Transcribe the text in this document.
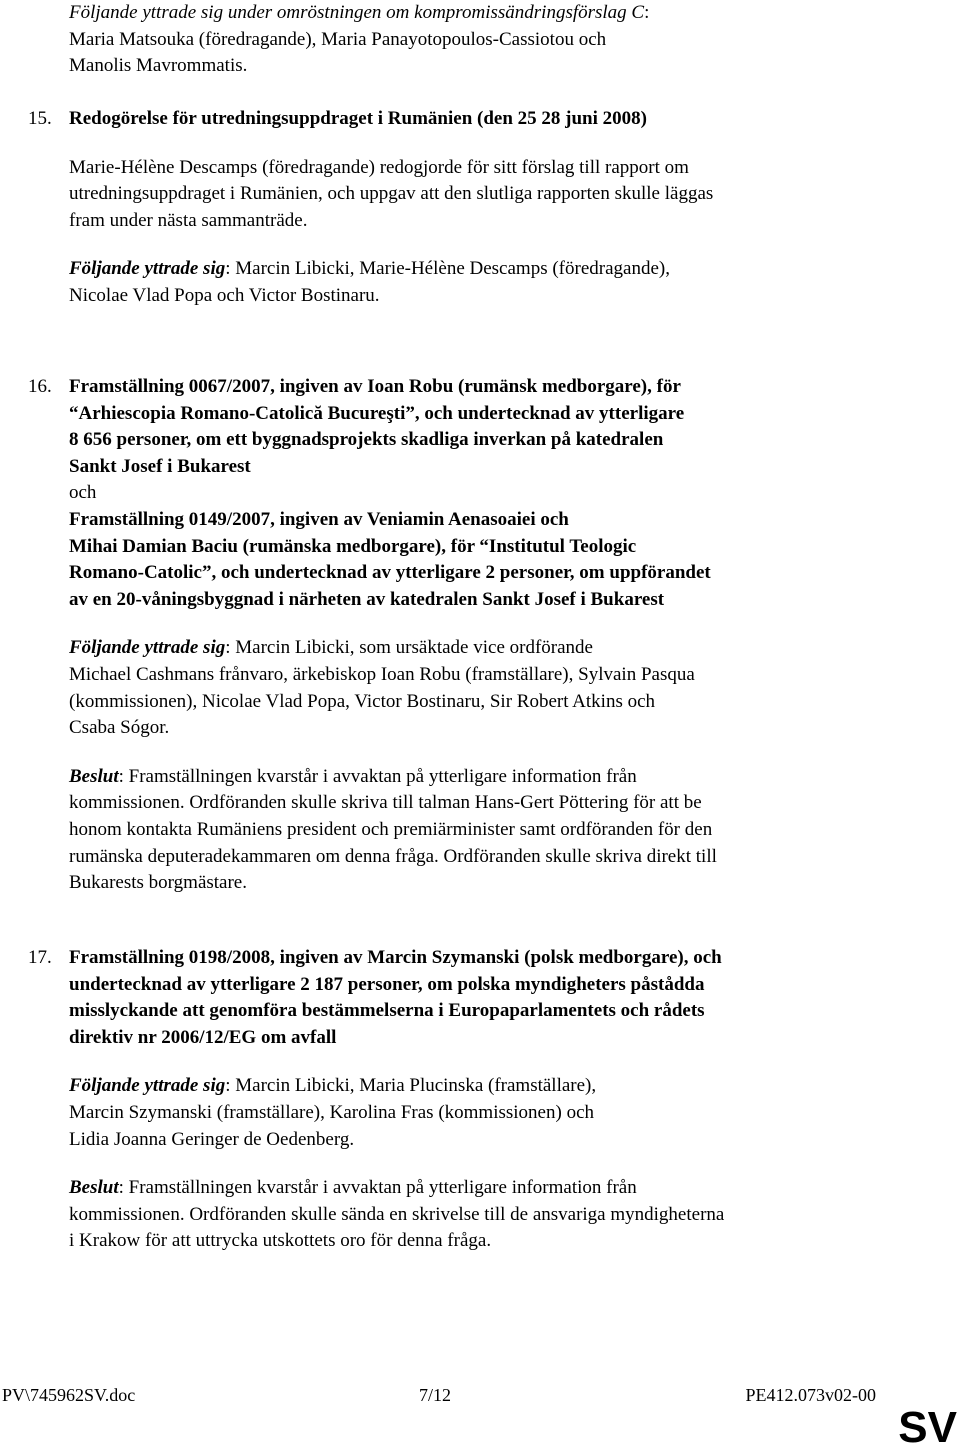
Följande yttrade sig under omröstningen om kompromissändringsförslag C:
Maria Matsouka (föredragande), Maria Panayotopoulos-Cassiotou och
Manolis Mavrommatis.
15. Redogörelse för utredningsuppdraget i Rumänien (den 25 28 juni 2008)
Marie-Hélène Descamps (föredragande) redogjorde för sitt förslag till rapport om
utredningsuppdraget i Rumänien, och uppgav att den slutliga rapporten skulle läggas
fram under nästa sammanträde.
Följande yttrade sig: Marcin Libicki, Marie-Hélène Descamps (föredragande),
Nicolae Vlad Popa och Victor Bostinaru.
16. Framställning 0067/2007, ingiven av Ioan Robu (rumänsk medborgare), för
“Arhiescopia Romano-Catolică Bucureşti”, och undertecknad av ytterligare
8 656 personer, om ett byggnadsprojekts skadliga inverkan på katedralen
Sankt Josef i Bukarest
och
Framställning 0149/2007, ingiven av Veniamin Aenasoaiei och
Mihai Damian Baciu (rumänska medborgare), för “Institutul Teologic
Romano-Catolic”, och undertecknad av ytterligare 2 personer, om uppförandet
av en 20-våningsbyggnad i närheten av katedralen Sankt Josef i Bukarest
Följande yttrade sig: Marcin Libicki, som ursäktade vice ordförande
Michael Cashmans frånvaro, ärkebiskop Ioan Robu (framställare), Sylvain Pasqua
(kommissionen), Nicolae Vlad Popa, Victor Bostinaru, Sir Robert Atkins och
Csaba Sógor.
Beslut: Framställningen kvarstår i avvaktan på ytterligare information från
kommissionen. Ordföranden skulle skriva till talman Hans-Gert Pöttering för att be
honom kontakta Rumäniens president och premiärminister samt ordföranden för den
rumänska deputeradekammaren om denna fråga. Ordföranden skulle skriva direkt till
Bukarests borgmästare.
17. Framställning 0198/2008, ingiven av Marcin Szymanski (polsk medborgare), och
undertecknad av ytterligare 2 187 personer, om polska myndigheters påstådda
misslyckande att genomföra bestämmelserna i Europaparlamentets och rådets
direktiv nr 2006/12/EG om avfall
Följande yttrade sig: Marcin Libicki, Maria Plucinska (framställare),
Marcin Szymanski (framställare), Karolina Fras (kommissionen) och
Lidia Joanna Geringer de Oedenberg.
Beslut: Framställningen kvarstår i avvaktan på ytterligare information från
kommissionen. Ordföranden skulle sända en skrivelse till de ansvariga myndigheterna
i Krakow för att uttrycka utskottets oro för denna fråga.
PV\745962SV.doc	7/12	PE412.073v02-00
SV
